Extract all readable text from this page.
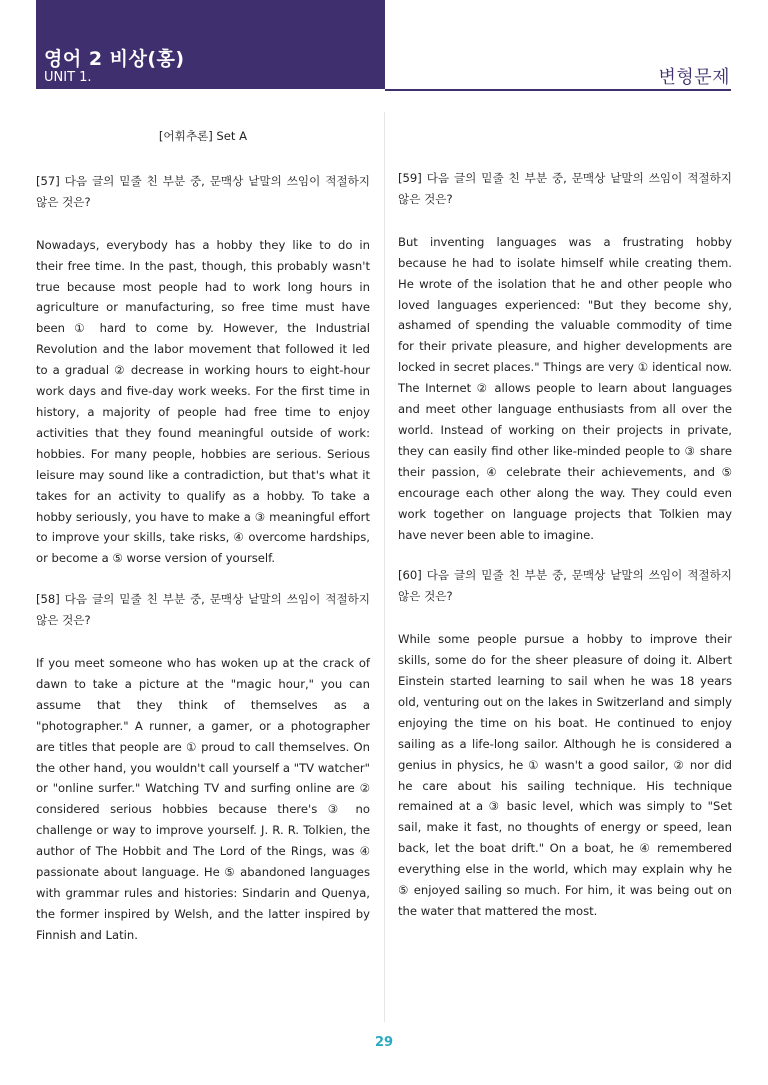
영어 2 비상(홍)
UNIT 1.	변형문제
[어휘추론] Set A
[57] 다음 글의 밑줄 친 부분 중, 문맥상 낱말의 쓰임이 적절하지 않은 것은?
Nowadays, everybody has a hobby they like to do in their free time. In the past, though, this probably wasn't true because most people had to work long hours in agriculture or manufacturing, so free time must have been ① hard to come by. However, the Industrial Revolution and the labor movement that followed it led to a gradual ② decrease in working hours to eight-hour work days and five-day work weeks. For the first time in history, a majority of people had free time to enjoy activities that they found meaningful outside of work: hobbies. For many people, hobbies are serious. Serious leisure may sound like a contradiction, but that's what it takes for an activity to qualify as a hobby. To take a hobby seriously, you have to make a ③ meaningful effort to improve your skills, take risks, ④ overcome hardships, or become a ⑤ worse version of yourself.
[58] 다음 글의 밑줄 친 부분 중, 문맥상 낱말의 쓰임이 적절하지 않은 것은?
If you meet someone who has woken up at the crack of dawn to take a picture at the "magic hour," you can assume that they think of themselves as a "photographer." A runner, a gamer, or a photographer are titles that people are ① proud to call themselves. On the other hand, you wouldn't call yourself a "TV watcher" or "online surfer." Watching TV and surfing online are ② considered serious hobbies because there's ③ no challenge or way to improve yourself. J. R. R. Tolkien, the author of The Hobbit and The Lord of the Rings, was ④ passionate about language. He ⑤ abandoned languages with grammar rules and histories: Sindarin and Quenya, the former inspired by Welsh, and the latter inspired by Finnish and Latin.
[59] 다음 글의 밑줄 친 부분 중, 문맥상 낱말의 쓰임이 적절하지 않은 것은?
But inventing languages was a frustrating hobby because he had to isolate himself while creating them. He wrote of the isolation that he and other people who loved languages experienced: "But they become shy, ashamed of spending the valuable commodity of time for their private pleasure, and higher developments are locked in secret places." Things are very ① identical now. The Internet ② allows people to learn about languages and meet other language enthusiasts from all over the world. Instead of working on their projects in private, they can easily find other like-minded people to ③ share their passion, ④ celebrate their achievements, and ⑤ encourage each other along the way. They could even work together on language projects that Tolkien may have never been able to imagine.
[60] 다음 글의 밑줄 친 부분 중, 문맥상 낱말의 쓰임이 적절하지 않은 것은?
While some people pursue a hobby to improve their skills, some do for the sheer pleasure of doing it. Albert Einstein started learning to sail when he was 18 years old, venturing out on the lakes in Switzerland and simply enjoying the time on his boat. He continued to enjoy sailing as a life-long sailor. Although he is considered a genius in physics, he ① wasn't a good sailor, ② nor did he care about his sailing technique. His technique remained at a ③ basic level, which was simply to "Set sail, make it fast, no thoughts of energy or speed, lean back, let the boat drift." On a boat, he ④ remembered everything else in the world, which may explain why he ⑤ enjoyed sailing so much. For him, it was being out on the water that mattered the most.
29
